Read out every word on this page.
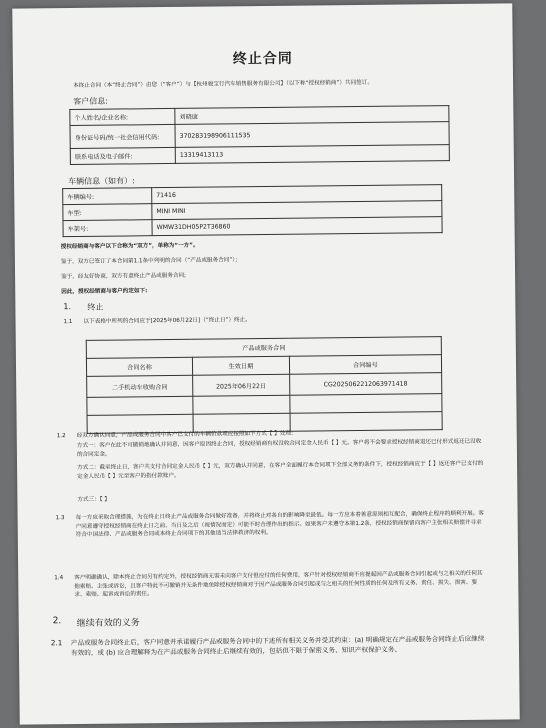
终止合同
本终止合同（本“终止合同”）由您（“客户”）与【杭州骏宝行汽车销售服务有限公司】（以下称“授权经销商”）共同签订。
客户信息:
个人姓名/企业名称:	刘晓康
身份证号码/统一社会信用代码:	370283198906111535
联系电话及电子邮件:	13319413113
车辆信息（如有）:
车辆编号:	71416
车型:	MINI MINI
车架号:	WMW31DH05P2T36860
授权经销商与客户以下合称为“双方”，单称为“一方”。
鉴于，双方已签订了本合同第1.1条中列明的合同（“产品或服务合同”）；
鉴于，经友好协商，双方有意终止产品或服务合同;
因此，授权经销商与客户约定如下:
1. 终止
1.1 以下表格中所列的合同应于[2025年06月22日]（“终止日”）终止。
产品或服务合同		
合同名称	生效日期	合同编号
二手机动车收购合同	2025年06月22日	CG20250622120639714​18

1.2 经双方确认同意，产品或服务合同中客户已支付的车辆价款项应按照如下方式【 】处理:
方式一：客户在此不可撤销地确认并同意，因客户原因终止合同，授权经销商有权没收合同定金人民币【 】元。客户将不会要求授权经销商退还已付形式返还已没收的合同定金。
方式二：截至终止日，客户共支付合同定金人民币【 】元，双方确认并同意，在客户全面履行本合同项下全部义务的条件下，授权经销商应于【 】返还客户已支付的定金人民币【 】元至客户的指付款账户。
方式三：【 】
1.3 每一方应采取合理措施，为在终止日终止产品或服务合同做好准备，并将终止对各自的影响降至最低。每一方应本着善意原则相互配合，确保终止程序的顺利开展。客户同意遵守授权经销商在终止日之前、当日及之后（视情况而定）可能不时合理作出的指示。如果客户未遵守本第1.2条，授权经销商保留向客户主张相关赔偿并寻求符合中国法律、产品或服务合同或本终止合同项下的其他适当法律救济的权利。
1.4 客户明确确认，除本终止合同另有约定外，授权经销商无需未向客户支付但应付的任何费用，客户针对授权经销商不应提起因产品或服务合同引起或与之相关的任何其他索赔、主张或诉讼，且客户特此不可撤销并无条件地免除授权经销商对于因产品或服务合同引起或与之相关的任何性质的任何及所有义务、责任、损失、损害、要求、索赔、起诉或诉讼的责任。
2. 继续有效的义务
2.1 产品或服务合同终止后，客户同意并承诺履行产品或服务合同中的下述所有相关义务并受其约束：(a) 明确规定在产品或服务合同终止后应继续有效的，或 (b) 应合理解释为在产品或服务合同终止后继续有效的，包括但不限于保密义务、知识产权保护义务、
